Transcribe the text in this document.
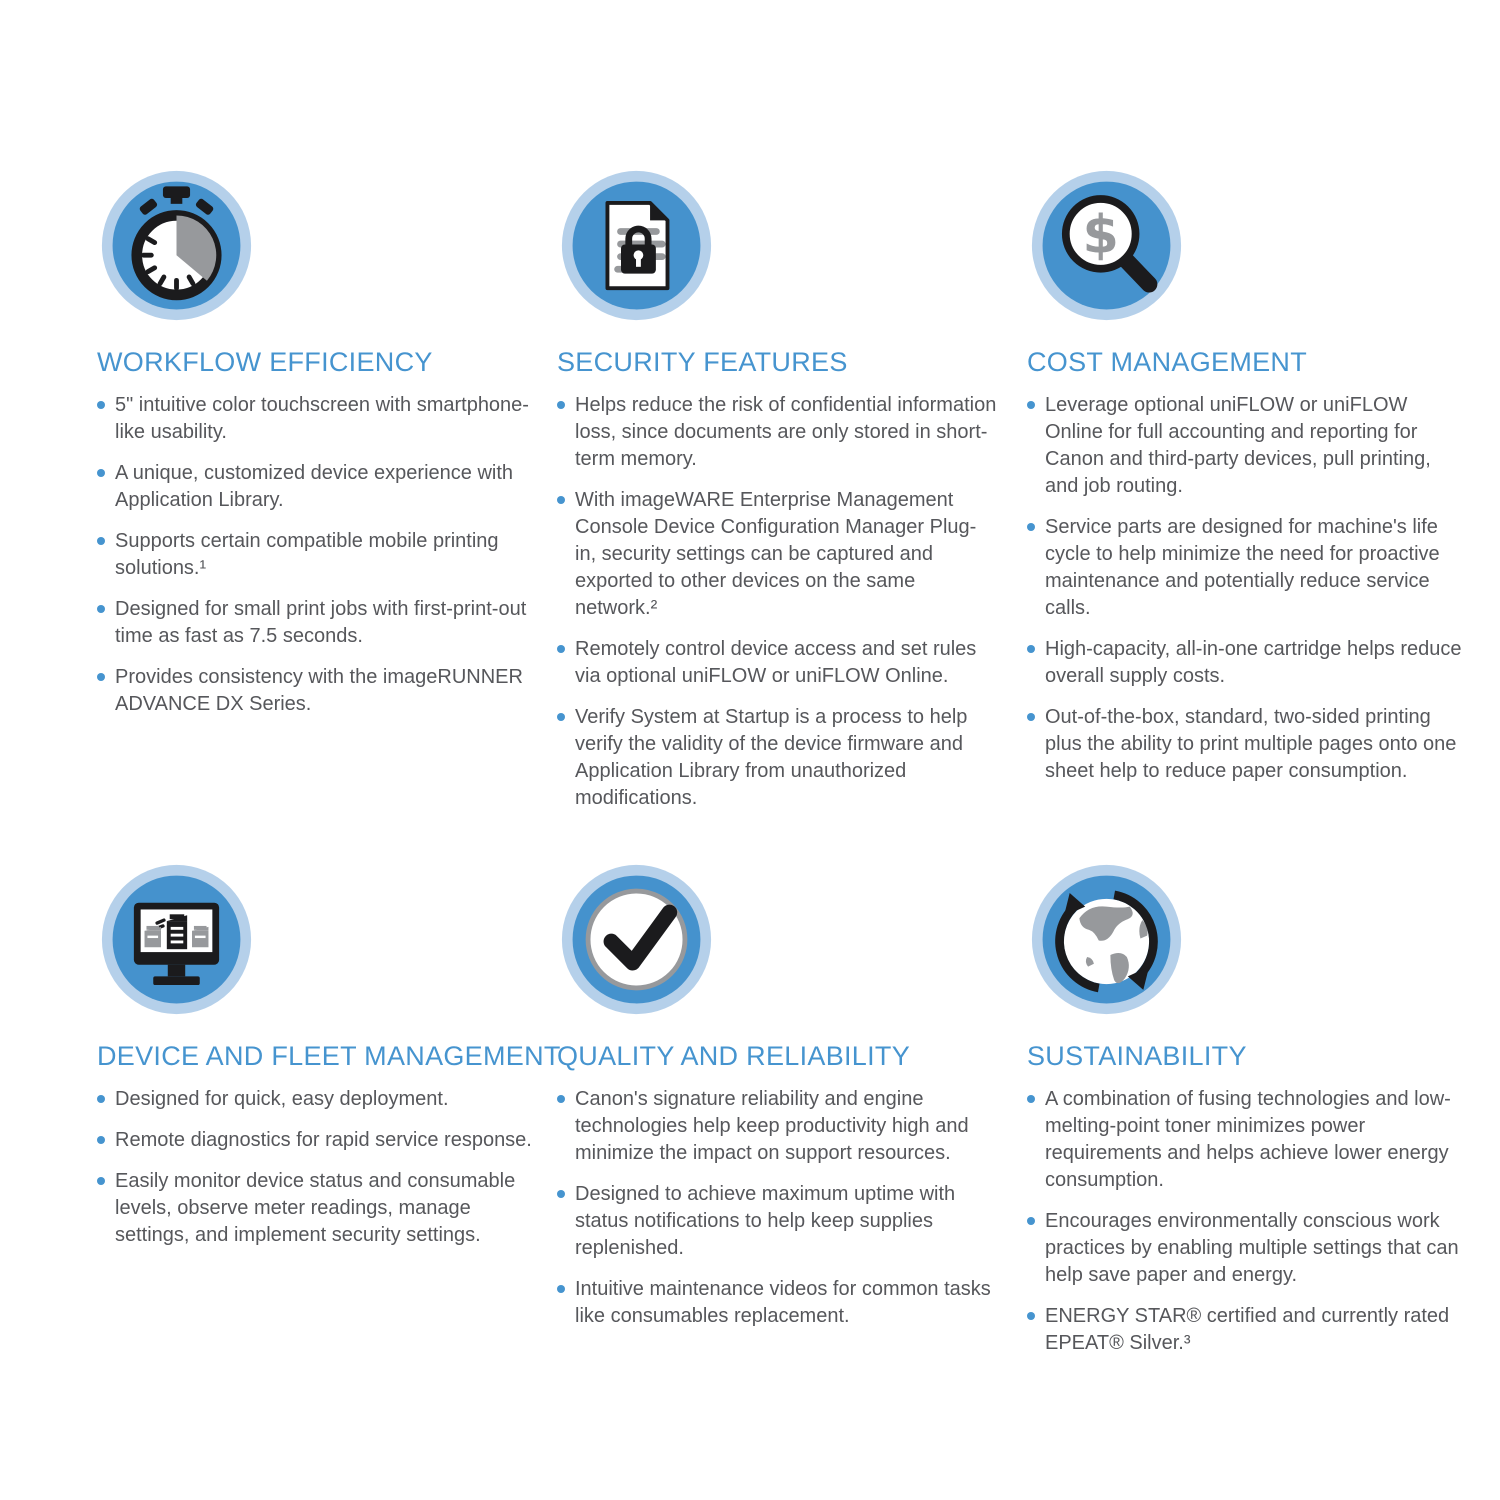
WORKFLOW EFFICIENCY
5" intuitive color touchscreen with smartphone-like usability.
A unique, customized device experience with Application Library.
Supports certain compatible mobile printing solutions.¹
Designed for small print jobs with first-print-out time as fast as 7.5 seconds.
Provides consistency with the imageRUNNER ADVANCE DX Series.
SECURITY FEATURES
Helps reduce the risk of confidential information loss, since documents are only stored in short-term memory.
With imageWARE Enterprise Management Console Device Configuration Manager Plug-in, security settings can be captured and exported to other devices on the same network.²
Remotely control device access and set rules via optional uniFLOW or uniFLOW Online.
Verify System at Startup is a process to help verify the validity of the device firmware and Application Library from unauthorized modifications.
$
COST MANAGEMENT
Leverage optional uniFLOW or uniFLOW Online for full accounting and reporting for Canon and third-party devices, pull printing, and job routing.
Service parts are designed for machine's life cycle to help minimize the need for proactive maintenance and potentially reduce service calls.
High-capacity, all-in-one cartridge helps reduce overall supply costs.
Out-of-the-box, standard, two-sided printing plus the ability to print multiple pages onto one sheet help to reduce paper consumption.
DEVICE AND FLEET MANAGEMENT
Designed for quick, easy deployment.
Remote diagnostics for rapid service response.
Easily monitor device status and consumable levels, observe meter readings, manage settings, and implement security settings.
QUALITY AND RELIABILITY
Canon's signature reliability and engine technologies help keep productivity high and minimize the impact on support resources.
Designed to achieve maximum uptime with status notifications to help keep supplies replenished.
Intuitive maintenance videos for common tasks like consumables replacement.
SUSTAINABILITY
A combination of fusing technologies and low-melting-point toner minimizes power requirements and helps achieve lower energy consumption.
Encourages environmentally conscious work practices by enabling multiple settings that can help save paper and energy.
ENERGY STAR® certified and currently rated EPEAT® Silver.³
